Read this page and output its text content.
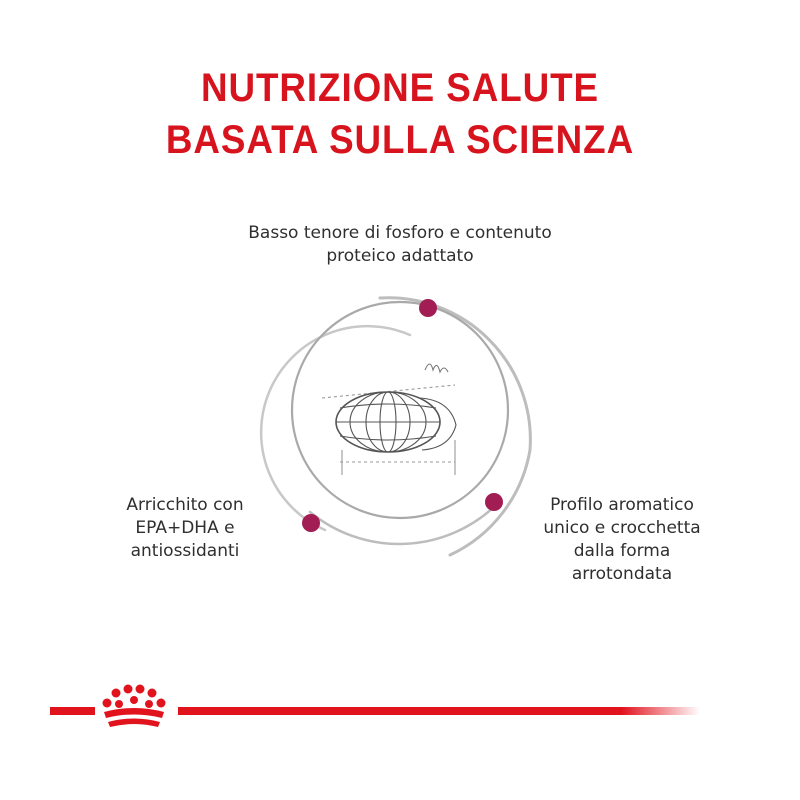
NUTRIZIONE SALUTE
BASATA SULLA SCIENZA
Basso tenore di fosforo e contenuto
proteico adattato
Arricchito con
EPA+DHA e
antiossidanti
Profilo aromatico
unico e crocchetta
dalla forma
arrotondata
